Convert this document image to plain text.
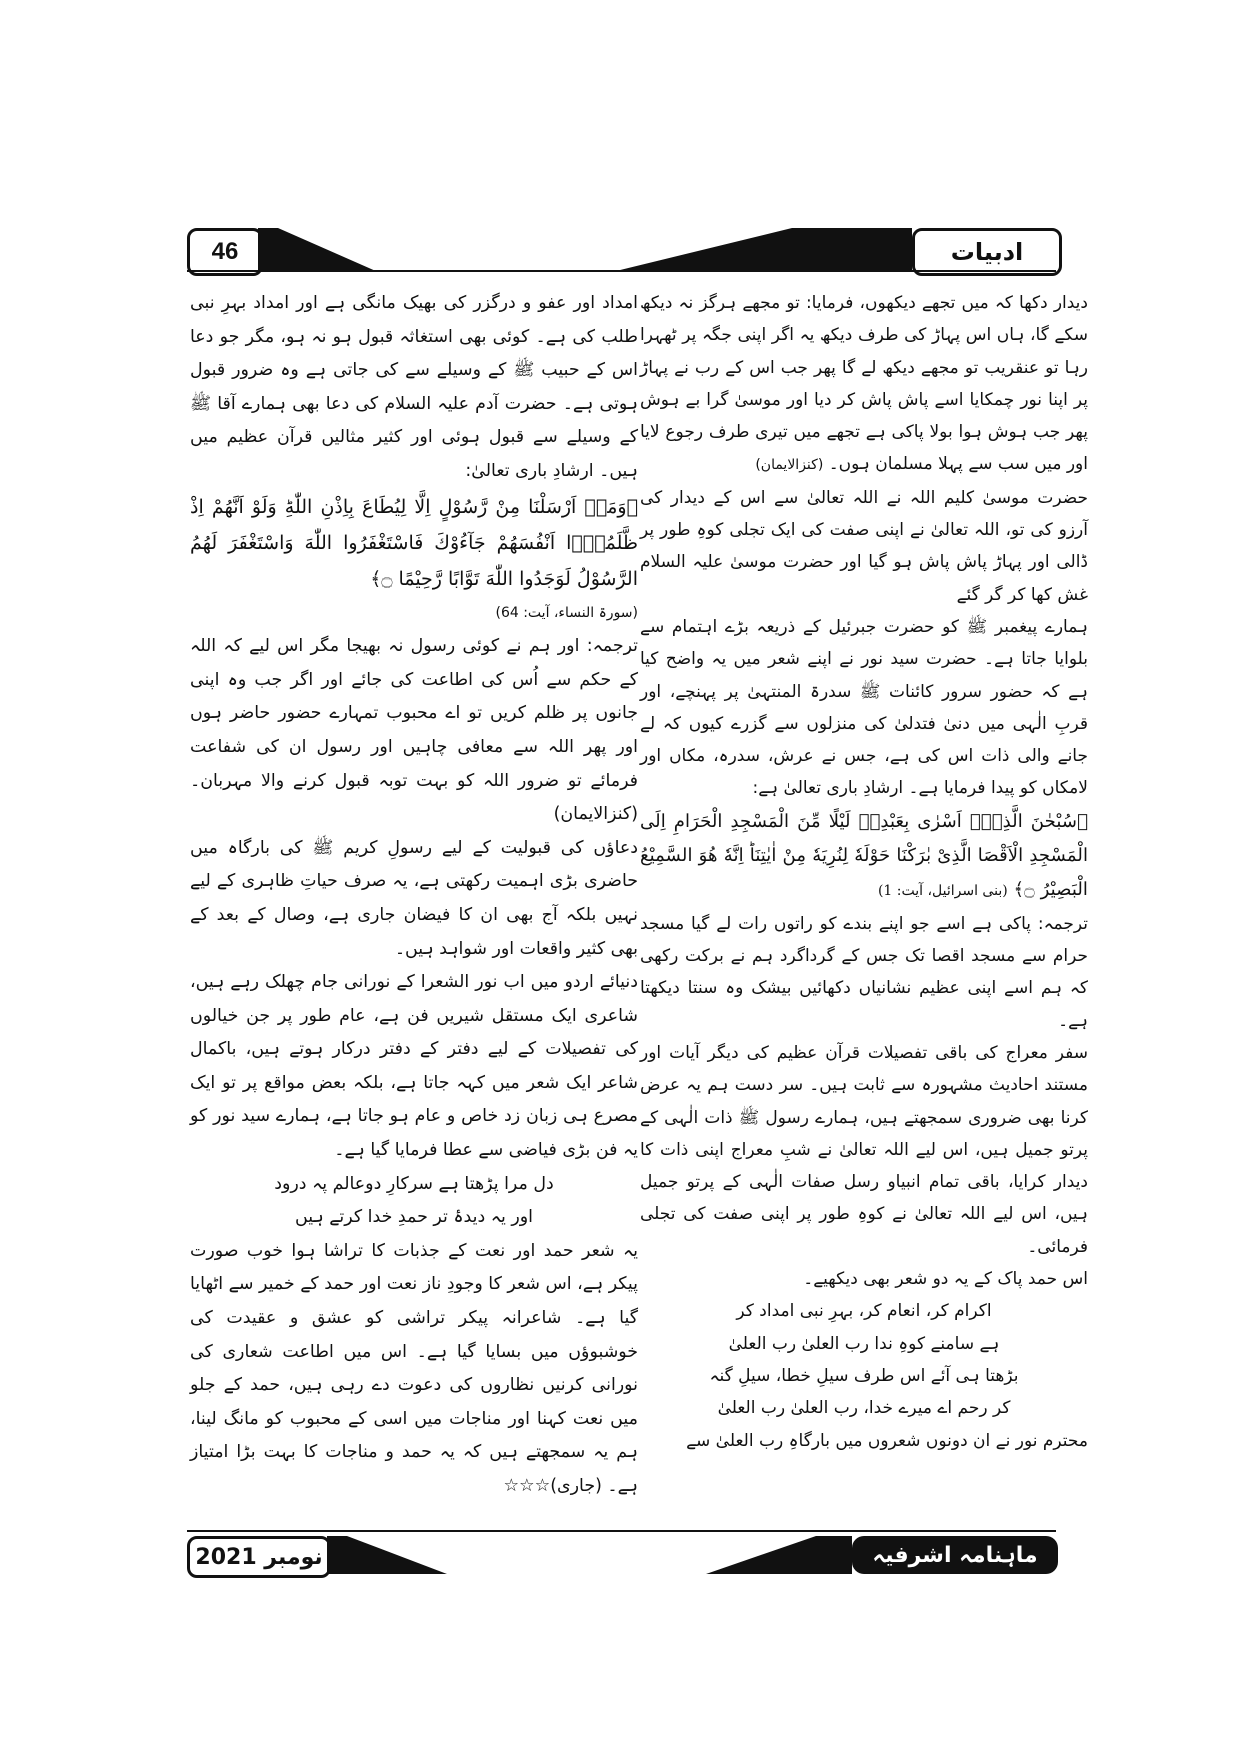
46	ادبیات

دیدار دکھا کہ میں تجھے دیکھوں، فرمایا: تو مجھے ہرگز نہ دیکھ سکے گا، ہاں اس پہاڑ کی طرف دیکھ یہ اگر اپنی جگہ پر ٹھہرا رہا تو عنقریب تو مجھے دیکھ لے گا پھر جب اس کے رب نے پہاڑ پر اپنا نور چمکایا اسے پاش پاش کر دیا اور موسیٰ گرا بے ہوش پھر جب ہوش ہوا بولا پاکی ہے تجھے میں تیری طرف رجوع لایا اور میں سب سے پہلا مسلمان ہوں۔ (کنزالایمان)

حضرت موسیٰ کلیم اللہ نے اللہ تعالیٰ سے اس کے دیدار کی آرزو کی تو، اللہ تعالیٰ نے اپنی صفت کی ایک تجلی کوہِ طور پر ڈالی اور پہاڑ پاش پاش ہو گیا اور حضرت موسیٰ علیہ السلام غش کھا کر گر گئے

ہمارے پیغمبر ﷺ کو حضرت جبرئیل کے ذریعہ بڑے اہتمام سے بلوایا جاتا ہے۔ حضرت سید نور نے اپنے شعر میں یہ واضح کیا ہے کہ حضور سرور کائنات ﷺ سدرۃ المنتہیٰ پر پہنچے، اور قربِ الٰہی میں دنیٰ فتدلیٰ کی منزلوں سے گزرے کیوں کہ لے جانے والی ذات اس کی ہے، جس نے عرش، سدرہ، مکاں اور لامکاں کو پیدا فرمایا ہے۔ ارشادِ باری تعالیٰ ہے:

﴿سُبْحٰنَ الَّذِیْۤ اَسْرٰى بِعَبْدِهٖ لَیْلًا مِّنَ الْمَسْجِدِ الْحَرَامِ اِلَى الْمَسْجِدِ الْاَقْصَا الَّذِیْ بٰرَكْنَا حَوْلَهٗ لِنُرِیَهٗ مِنْ اٰیٰتِنَاؕ اِنَّهٗ هُوَ السَّمِیْعُ الْبَصِیْرُ ۝﴾ (بنی اسرائیل، آیت: 1)

ترجمہ: پاکی ہے اسے جو اپنے بندے کو راتوں رات لے گیا مسجد حرام سے مسجد اقصا تک جس کے گرداگرد ہم نے برکت رکھی کہ ہم اسے اپنی عظیم نشانیاں دکھائیں بیشک وہ سنتا دیکھتا ہے۔

سفر معراج کی باقی تفصیلات قرآن عظیم کی دیگر آیات اور مستند احادیث مشہورہ سے ثابت ہیں۔ سر دست ہم یہ عرض کرنا بھی ضروری سمجھتے ہیں، ہمارے رسول ﷺ ذات الٰہی کے پرتو جمیل ہیں، اس لیے اللہ تعالیٰ نے شبِ معراج اپنی ذات کا دیدار کرایا، باقی تمام انبیاو رسل صفات الٰہی کے پرتو جمیل ہیں، اس لیے اللہ تعالیٰ نے کوہِ طور پر اپنی صفت کی تجلی فرمائی۔

اس حمد پاک کے یہ دو شعر بھی دیکھیے۔

اکرام کر، انعام کر، بہرِ نبی امداد کر

ہے سامنے کوہِ ندا رب العلیٰ رب العلیٰ

بڑھتا ہی آئے اس طرف سیلِ خطا، سیلِ گنہ

کر رحم اے میرے خدا، رب العلیٰ رب العلیٰ

محترم نور نے ان دونوں شعروں میں بارگاہِ رب العلیٰ سے

امداد اور عفو و درگزر کی بھیک مانگی ہے اور امداد بہرِ نبی طلب کی ہے۔ کوئی بھی استغاثہ قبول ہو نہ ہو، مگر جو دعا اس کے حبیب ﷺ کے وسیلے سے کی جاتی ہے وہ ضرور قبول ہوتی ہے۔ حضرت آدم علیہ السلام کی دعا بھی ہمارے آقا ﷺ کے وسیلے سے قبول ہوئی اور کثیر مثالیں قرآن عظیم میں ہیں۔ ارشادِ باری تعالیٰ:

﴿وَمَاۤ اَرْسَلْنَا مِنْ رَّسُوْلٍ اِلَّا لِیُطَاعَ بِاِذْنِ اللّٰهِؕ وَلَوْ اَنَّهُمْ اِذْ ظَّلَمُوْۤا اَنْفُسَهُمْ جَآءُوْكَ فَاسْتَغْفَرُوا اللّٰهَ وَاسْتَغْفَرَ لَهُمُ الرَّسُوْلُ لَوَجَدُوا اللّٰهَ تَوَّابًا رَّحِیْمًا ۝﴾

(سورۃ النساء، آیت: 64)

ترجمہ: اور ہم نے کوئی رسول نہ بھیجا مگر اس لیے کہ اللہ کے حکم سے اُس کی اطاعت کی جائے اور اگر جب وہ اپنی جانوں پر ظلم کریں تو اے محبوب تمہارے حضور حاضر ہوں اور پھر اللہ سے معافی چاہیں اور رسول ان کی شفاعت فرمائے تو ضرور اللہ کو بہت توبہ قبول کرنے والا مہربان۔ (کنزالایمان)

دعاؤں کی قبولیت کے لیے رسولِ کریم ﷺ کی بارگاہ میں حاضری بڑی اہمیت رکھتی ہے، یہ صرف حیاتِ ظاہری کے لیے نہیں بلکہ آج بھی ان کا فیضان جاری ہے، وصال کے بعد کے بھی کثیر واقعات اور شواہد ہیں۔

دنیائے اردو میں اب نور الشعرا کے نورانی جام چھلک رہے ہیں، شاعری ایک مستقل شیریں فن ہے، عام طور پر جن خیالوں کی تفصیلات کے لیے دفتر کے دفتر درکار ہوتے ہیں، باکمال شاعر ایک شعر میں کہہ جاتا ہے، بلکہ بعض مواقع پر تو ایک مصرع ہی زبان زد خاص و عام ہو جاتا ہے، ہمارے سید نور کو یہ فن بڑی فیاضی سے عطا فرمایا گیا ہے۔

دل مرا پڑھتا ہے سرکارِ دوعالم پہ درود

اور یہ دیدۂ تر حمدِ خدا کرتے ہیں

یہ شعر حمد اور نعت کے جذبات کا تراشا ہوا خوب صورت پیکر ہے، اس شعر کا وجودِ ناز نعت اور حمد کے خمیر سے اٹھایا گیا ہے۔ شاعرانہ پیکر تراشی کو عشق و عقیدت کی خوشبوؤں میں بسایا گیا ہے۔ اس میں اطاعت شعاری کی نورانی کرنیں نظاروں کی دعوت دے رہی ہیں، حمد کے جلو میں نعت کہنا اور مناجات میں اسی کے محبوب کو مانگ لینا، ہم یہ سمجھتے ہیں کہ یہ حمد و مناجات کا بہت بڑا امتیاز ہے۔ (جاری)☆☆☆

نومبر 2021	ماہنامہ اشرفیہ
